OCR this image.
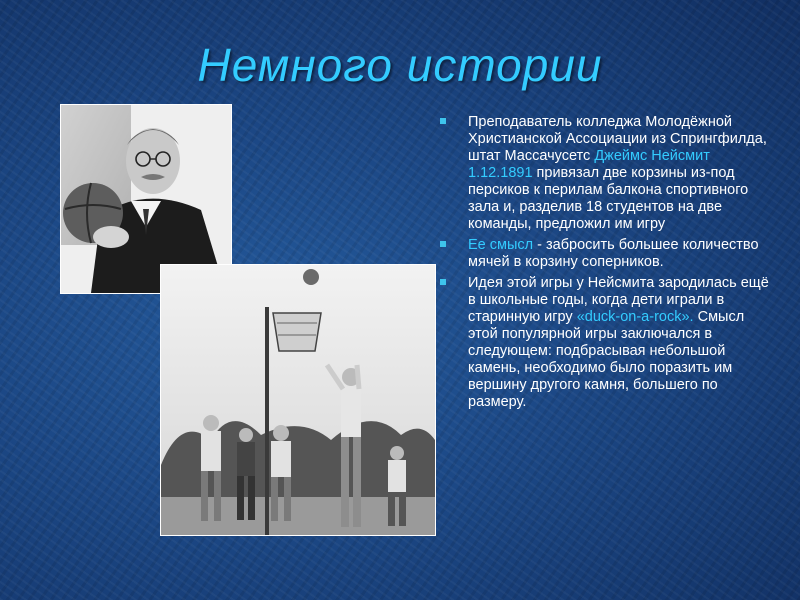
Немного истории
Преподаватель колледжа Молодёжной Христианской Ассоциации из Спрингфилда, штат Массачусетс Джеймс Нейсмит 1.12.1891 привязал две корзины из-под персиков к перилам балкона спортивного зала и, разделив 18 студентов на две команды, предложил им игру
Ее смысл - забросить большее количество мячей в корзину соперников.
Идея этой игры у Нейсмита зародилась ещё в школьные годы, когда дети играли в старинную игру «duck-on-a-rock». Смысл этой популярной игры заключался в следующем: подбрасывая небольшой камень, необходимо было поразить им вершину другого камня, большего по размеру.
